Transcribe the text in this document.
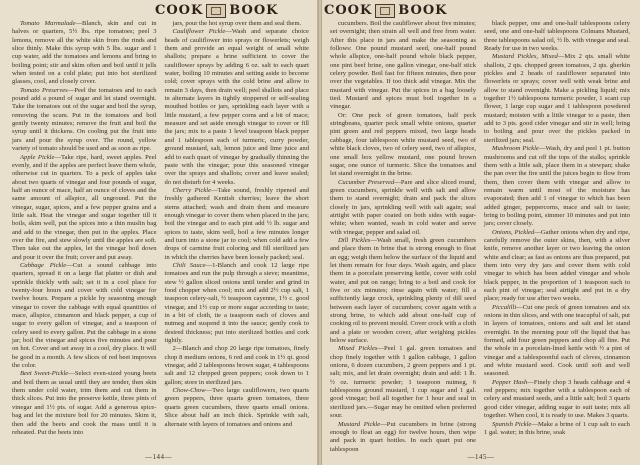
COOK BOOK

Tomato Marmalade—Blanch, skin and cut in halves or quarters, 5½ lbs. ripe tomatoes; peel 3 lemons, remove all the white skin from the rinds and slice thinly. Make this syrup with 5 lbs. sugar and 1 cup water, add the tomatoes and lemons and bring to boiling point; stir and skim often and boil until it jells when tested on a cold plate; put into hot sterilized glasses, cool, and closely cover.

Tomato Preserves—Peel the tomatoes and to each pound add a pound of sugar and let stand overnight. Take the tomatoes out of the sugar and boil the syrup, removing the scum. Put in the tomatoes and boil gently twenty minutes; remove the fruit and boil the syrup until it thickens. On cooling put the fruit into jars and pour the syrup over. The round, yellow variety of tomato should be used and as soon as ripe.

Apple Pickle—Take ripe, hard, sweet apples. Peel evenly, and if the apples are perfect leave them whole, otherwise cut in quarters. To a peck of apples take about two quarts of vinegar and four pounds of sugar, half an ounce of mace, half an ounce of cloves and the same amount of allspice, all unground. Put the vinegar, sugar, spices, and a few pepper grains and a little salt. Heat the vinegar and sugar together till it boils, skim well, put the spices into a thin muslin bag and add to the vinegar, then put in the apples. Place over the fire, and stew slowly until the apples are soft. Then take out the apples, let the vinegar boil down and pour it over the fruit; cover and put away.

Cabbage Pickle—Cut a sound cabbage into quarters, spread it on a large flat platter or dish and sprinkle thickly with salt; set it in a cool place for twenty-four hours and cover with cold vinegar for twelve hours. Prepare a pickle by seasoning enough vinegar to cover the cabbage with equal quantities of mace, allspice, cinnamon and black pepper, a cup of sugar to every gallon of vinegar, and a teaspoon of celery seed to every gallon. Put the cabbage in a stone jar; boil the vinegar and spices five minutes and pour on hot. Cover and set away in a cool, dry place. It will be good in a month. A few slices of red beet improves the color.

Beet Sweet-Pickle—Select even-sized young beets and boil them as usual until they are tender, then skin them under cold water, trim them and cut them in thick slices. Put into the preserve kettle, three pints of vinegar and 1½ pts. of sugar. Add a generous spice-bag and let the mixture boil for 20 minutes. Skim it, then add the beets and cook the mass until it is reheated. Put the beets into

jars, pour the hot syrup over them and seal them.

Cauliflower Pickle—Wash and separate choice heads of cauliflower into sprays or flowerlets; weigh them and provide an equal weight of small white shallots; prepare a brine sufficient to cover the cauliflower sprays by adding 6 oz. salt to each quart water, boiling 10 minutes and setting aside to become cold; cover sprays with the cold brine and allow to remain 3 days, then drain well; peel shallots and place in alternate layers in tightly stoppered or self-sealing mouthed bottles or jars, sprinkling each layer with a little mustard, a few pepper corns and a bit of mace; measure and set aside enough vinegar to cover or fill the jars; mix to a paste 1 level teaspoon black pepper and 1 tablespoon each of turmeric, curry powder, ground mustard, salt, lemon juice and lime juice and add to each quart of vinegar by gradually thinning the paste with the vinegar; pour this seasoned vinegar over the sprays and shallots; cover and leave sealed; do not disturb for 4 weeks.

Cherry Pickle—Take sound, freshly ripened and freshly gathered Kentish cherries; leave the short stems attached; wash and drain them and measure enough vinegar to cover them when placed in the jars; boil the vinegar and to each pint add ½ lb. sugar and spices to taste, skim well, boil a few minutes longer and turn into a stone jar to cool; when cold add a few drops of carmine fruit coloring and fill sterilized jars in which the cherries have been loosely packed; seal.

Chili Sauce—1-Blanch and cook 12 large ripe tomatoes and run the pulp through a sieve; meantime, stew ½ gallon sliced onions until tender and grind in food chopper when cool; mix and add 2½ cup salt, 1 teaspoon celery-salt, ½ teaspoon cayenne, 1½ c. good vinegar, and 1½ cup or more sugar according to taste; in a bit of cloth, tie a teaspoon each of cloves and nutmeg and suspend it into the sauce; gently cook to desired thickness; put into sterilized bottles and cork tightly.

2—Blanch and chop 20 large ripe tomatoes, finely chop 8 medium onions, 6 red and cook in 1½ qt. good vinegar, add 2 tablespoons brown sugar, 4 tablespoons salt and 12 chopped green peppers; cook down to 1 gallon; store in sterilized jars.

Chow-Chow—Two large cauliflowers, two quarts green peppers, three quarts green tomatoes, three quarts green cucumbers, three quarts small onions. Slice about half an inch thick. Sprinkle with salt, alternate with layers of tomatoes and onions and

—144—
COOK BOOK

cucumbers. Boil the cauliflower about five minutes; set overnight; then strain all well and free from water. After this place in jars and make the seasoning as follows: One pound mustard seed, one-half pound whole allspice, one-half pound whole black pepper, one pint beef brine, one gallon vinegar, one-half stick celery powder. Boil fast for fifteen minutes, then pour over the vegetables. If too thick add vinegar. Mix the mustard with vinegar. Put the spices in a bag loosely tied. Mustard and spices must boil together in a vinegar.

Or: One peck of green tomatoes, half peck stringbeans, quarter peck small white onions, quarter pint green and red peppers mixed, two large heads cabbage, four tablespoon white mustard seed, two of white black cloves, two of celery seed, two of allspice, one small box yellow mustard, one pound brown sugar, one ounce of turmeric. Slice the tomatoes and let stand overnight in the brine.

Cucumber Preserved—Pare and slice sliced round, green cucumbers, sprinkle well with salt and allow them to stand overnight; drain and pack the slices closely in jars, sprinkling well with salt again; seal airtight with paper coated on both sides with sugar-white; when wanted, wash in cold water and serve with vinegar, pepper and salad oil.

Dill Pickles—Wash small, fresh green cucumbers and place them in brine that is strong enough to float an egg; weigh them below the surface of the liquid and let them remain for four days. Wash again, and place them in a porcelain preserving kettle, cover with cold water, and put on range; bring to a boil and cook for five or six minutes; rinse again with water; fill a sufficiently large crock, sprinkling plenty of dill seed between each layer of cucumbers; cover again with a strong brine, to which add about one-half cup of cooking oil to prevent mould. Cover crock with a cloth and a plate or wooden cover, after weighing pickles below surface.

Mixed Pickles—Peel 1 gal. green tomatoes and chop finely together with 1 gallon cabbage, 1 gallon onions, 6 dozen cucumbers, 2 green peppers and 1 pt. salt; mix, and let drain overnight; drain and add: 1 lb. ½ oz. turmeric powder; 1 teaspoon nutmeg, 6 tablespoons ground mustard, 1 cup sugar and 1 gal. good vinegar; boil all together for 1 hour and seal in sterilized jars.—Sugar may be omitted when preferred sour.

Mustard Pickle—Put cucumbers in brine (strong enough to float an egg) for twelve hours, then wipe and pack in quart bottles. In each quart put one tablespoon

black pepper, one and one-half tablespoons celery seed, one and one-half tablespoons Colmans Mustard, three tablespoons salad oil, ½ lb. with vinegar and seal. Ready for use in two weeks.

Mustard Pickles, Mixed—Mix 2 qts. small white shallots, 2 qts. chopped green tomatoes, 2 qts. gherkin pickles and 2 heads of cauliflower separated into flowerlets or sprays; cover well with weak brine and allow to stand overnight. Make a pickling liquid; mix together 1½ tablespoons turmeric powder, 1 scant cup flower, 1 large cup sugar and 1 tablespoon powdered mustard; moisten with a little vinegar to a paste, then add to 3 pts. good cider vinegar and stir in well; bring to boiling and pour over the pickles packed in sterilized jars; seal.

Mushroom Pickle—Wash, dry and peel 1 pt. button mushrooms and cut off the tops of the stalks; sprinkle them with a little salt, place them in a stewpan; shake the pan over the fire until the juices begin to flow from them, then cover them with vinegar and allow to remain warm until most of the moisture has evaporated; then add 1 of vinegar to which has been added ginger, peppercorns, mace and salt to taste; bring to boiling point, simmer 10 minutes and put into jars; cover closely.

Onions, Pickled—Gather onions when dry and ripe, carefully remove the outer skins, then, with a silver knife, remove another layer or two leaving the onion white and clear; as fast as onions are thus prepared, put them into very dry jars and cover them with cold vinegar to which has been added vinegar and whole black pepper, in the proportion of 1 teaspoon each to each pint of vinegar; seal airtight and put in a dry place; ready for use after two weeks.

Piccalilli—Cut one peck of green tomatoes and six onions in thin slices, and with one teacupful of salt, put in layers of tomatoes, onions and salt and let stand overnight. In the morning pour off the liquid that has formed, add four green peppers and chop all fine. Put the whole in a porcelain-lined kettle with ½ a pint of vinegar and a tablespoonful each of cloves, cinnamon and white mustard seed. Cook until soft and well seasoned.

Pepper Hash—Finely chop 3 heads cabbage and 4 red peppers; mix together with a tablespoon each of celery and mustard seeds, and a little salt; boil 3 quarts good cider vinegar, adding sugar to suit taste; mix all together. When cool, it is ready to use. Makes 3 quarts.

Spanish Pickle—Make a brine of 1 cup salt to each 1 gal. water; in this brine, soak

—145—
